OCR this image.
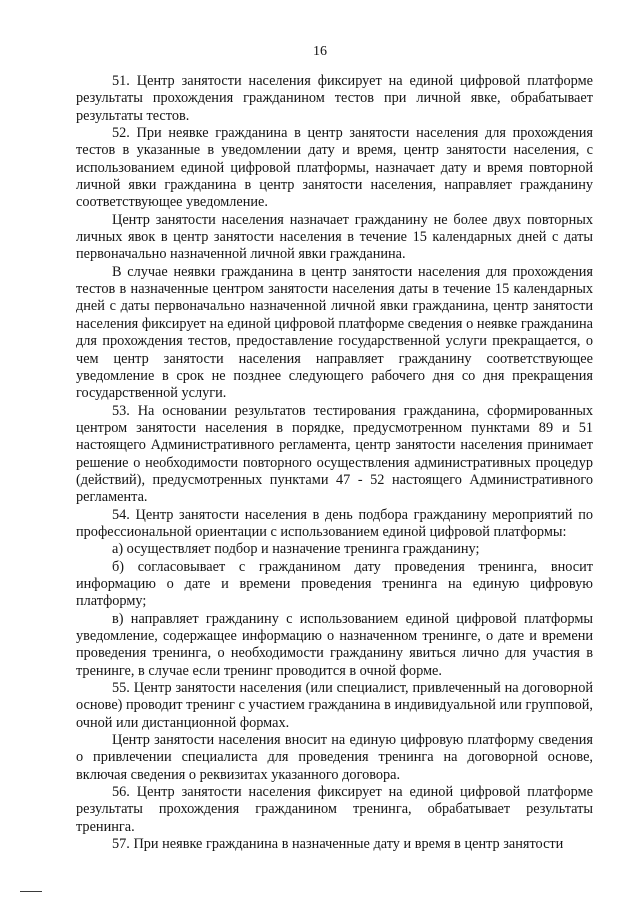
16

51. Центр занятости населения фиксирует на единой цифровой платформе результаты прохождения гражданином тестов при личной явке, обрабатывает результаты тестов.

52. При неявке гражданина в центр занятости населения для прохождения тестов в указанные в уведомлении дату и время, центр занятости населения, с использованием единой цифровой платформы, назначает дату и время повторной личной явки гражданина в центр занятости населения, направляет гражданину соответствующее уведомление.

Центр занятости населения назначает гражданину не более двух повторных личных явок в центр занятости населения в течение 15 календарных дней с даты первоначально назначенной личной явки гражданина.

В случае неявки гражданина в центр занятости населения для прохождения тестов в назначенные центром занятости населения даты в течение 15 календарных дней с даты первоначально назначенной личной явки гражданина, центр занятости населения фиксирует на единой цифровой платформе сведения о неявке гражданина для прохождения тестов, предоставление государственной услуги прекращается, о чем центр занятости населения направляет гражданину соответствующее уведомление в срок не позднее следующего рабочего дня со дня прекращения государственной услуги.

53. На основании результатов тестирования гражданина, сформированных центром занятости населения в порядке, предусмотренном пунктами 89 и 51 настоящего Административного регламента, центр занятости населения принимает решение о необходимости повторного осуществления административных процедур (действий), предусмотренных пунктами 47 - 52 настоящего Административного регламента.

54. Центр занятости населения в день подбора гражданину мероприятий по профессиональной ориентации с использованием единой цифровой платформы:

а) осуществляет подбор и назначение тренинга гражданину;

б) согласовывает с гражданином дату проведения тренинга, вносит информацию о дате и времени проведения тренинга на единую цифровую платформу;

в) направляет гражданину с использованием единой цифровой платформы уведомление, содержащее информацию о назначенном тренинге, о дате и времени проведения тренинга, о необходимости гражданину явиться лично для участия в тренинге, в случае если тренинг проводится в очной форме.

55. Центр занятости населения (или специалист, привлеченный на договорной основе) проводит тренинг с участием гражданина в индивидуальной или групповой, очной или дистанционной формах.

Центр занятости населения вносит на единую цифровую платформу сведения о привлечении специалиста для проведения тренинга на договорной основе, включая сведения о реквизитах указанного договора.

56. Центр занятости населения фиксирует на единой цифровой платформе результаты прохождения гражданином тренинга, обрабатывает результаты тренинга.

57. При неявке гражданина в назначенные дату и время в центр занятости
